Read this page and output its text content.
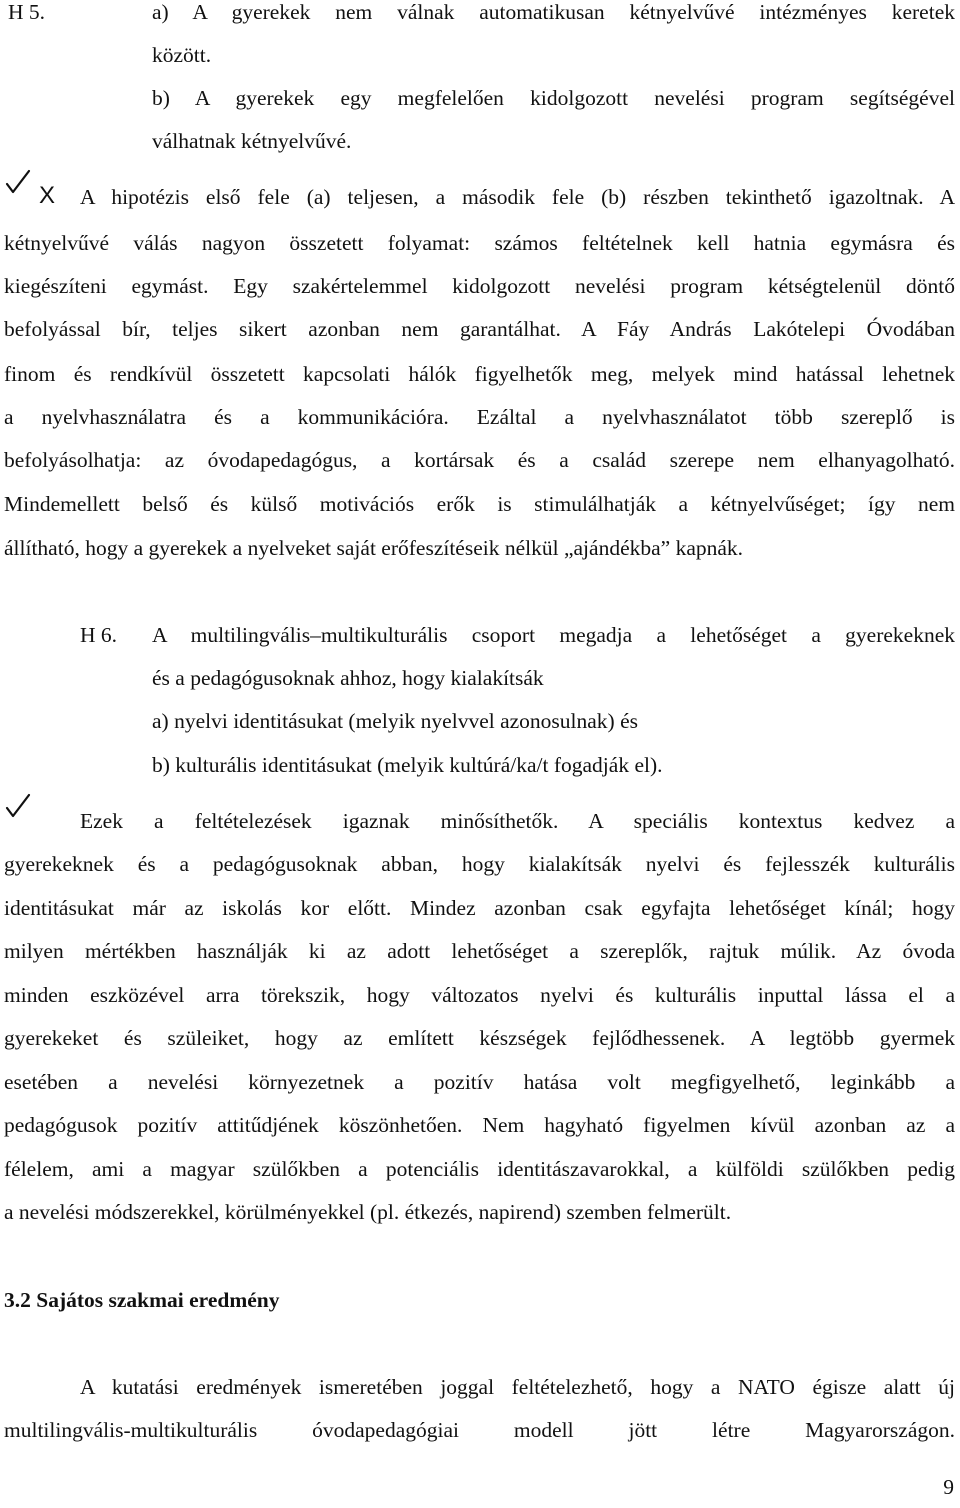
H 5.	a) A gyerekek nem válnak automatikusan kétnyelvűvé intézményes keretek
között.
b) A gyerekek egy megfelelően kidolgozott nevelési program segítségével
válhatnak kétnyelvűvé.
X A hipotézis első fele (a) teljesen, a második fele (b) részben tekinthető igazoltnak. A
kétnyelvűvé válás nagyon összetett folyamat: számos feltételnek kell hatnia egymásra és
kiegészíteni egymást. Egy szakértelemmel kidolgozott nevelési program kétségtelenül döntő
befolyással bír, teljes sikert azonban nem garantálhat. A Fáy András Lakótelepi Óvodában
finom és rendkívül összetett kapcsolati hálók figyelhetők meg, melyek mind hatással lehetnek
a nyelvhasználatra és a kommunikációra. Ezáltal a nyelvhasználatot több szereplő is
befolyásolhatja: az óvodapedagógus, a kortársak és a család szerepe nem elhanyagolható.
Mindemellett belső és külső motivációs erők is stimulálhatják a kétnyelvűséget; így nem
állítható, hogy a gyerekek a nyelveket saját erőfeszítéseik nélkül „ajándékba” kapnák.
H 6. A multilingvális–multikulturális csoport megadja a lehetőséget a gyerekeknek
és a pedagógusoknak ahhoz, hogy kialakítsák
a) nyelvi identitásukat (melyik nyelvvel azonosulnak) és
b) kulturális identitásukat (melyik kultúrá/ka/t fogadják el).
Ezek a feltételezések igaznak minősíthetők. A speciális kontextus kedvez a
gyerekeknek és a pedagógusoknak abban, hogy kialakítsák nyelvi és fejlesszék kulturális
identitásukat már az iskolás kor előtt. Mindez azonban csak egyfajta lehetőséget kínál; hogy
milyen mértékben használják ki az adott lehetőséget a szereplők, rajtuk múlik. Az óvoda
minden eszközével arra törekszik, hogy változatos nyelvi és kulturális inputtal lássa el a
gyerekeket és szüleiket, hogy az említett készségek fejlődhessenek. A legtöbb gyermek
esetében a nevelési környezetnek a pozitív hatása volt megfigyelhető, leginkább a
pedagógusok pozitív attitűdjének köszönhetően. Nem hagyható figyelmen kívül azonban az a
félelem, ami a magyar szülőkben a potenciális identitászavarokkal, a külföldi szülőkben pedig
a nevelési módszerekkel, körülményekkel (pl. étkezés, napirend) szemben felmerült.
3.2 Sajátos szakmai eredmény
A kutatási eredmények ismeretében joggal feltételezhető, hogy a NATO égisze alatt új
multilingvális-multikulturális óvodapedagógiai modell jött létre Magyarországon.
9
